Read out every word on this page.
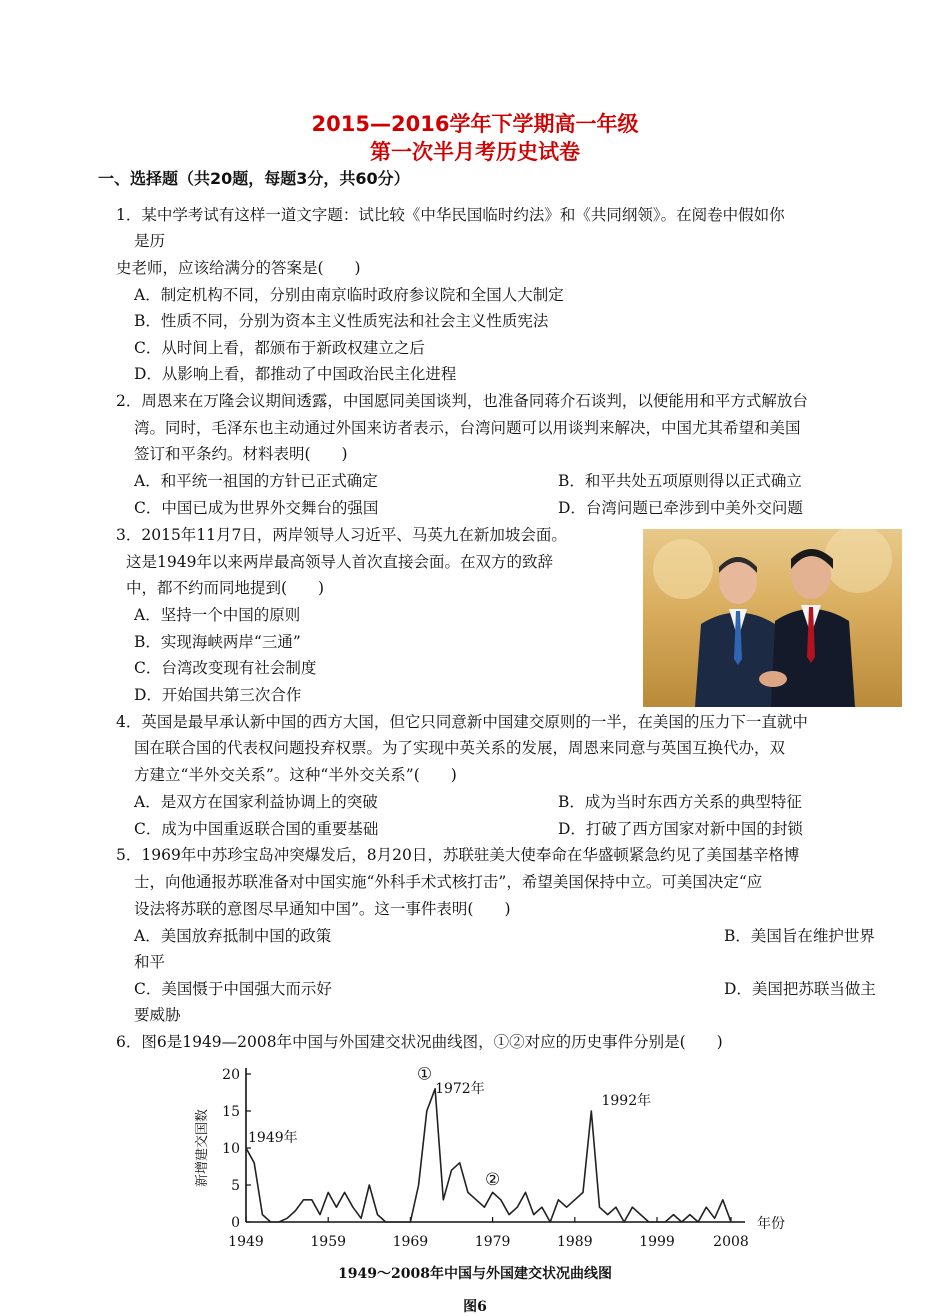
2015—2016学年下学期高一年级
第一次半月考历史试卷
一、选择题（共20题，每题3分，共60分）
1．某中学考试有这样一道文字题：试比较《中华民国临时约法》和《共同纲领》。在阅卷中假如你
是历
史老师，应该给满分的答案是(　　)
A．制定机构不同，分别由南京临时政府参议院和全国人大制定
B．性质不同，分别为资本主义性质宪法和社会主义性质宪法
C．从时间上看，都颁布于新政权建立之后
D．从影响上看，都推动了中国政治民主化进程
2．周恩来在万隆会议期间透露，中国愿同美国谈判，也准备同蒋介石谈判，以便能用和平方式解放台
湾。同时，毛泽东也主动通过外国来访者表示，台湾问题可以用谈判来解决，中国尤其希望和美国
签订和平条约。材料表明(　　)
A．和平统一祖国的方针已正式确定	B．和平共处五项原则得以正式确立
C．中国已成为世界外交舞台的强国	D．台湾问题已牵涉到中美外交问题
3．2015年11月7日，两岸领导人习近平、马英九在新加坡会面。
这是1949年以来两岸最高领导人首次直接会面。在双方的致辞
中，都不约而同地提到(　　)
A．坚持一个中国的原则
B．实现海峡两岸“三通”
C．台湾改变现有社会制度
D．开始国共第三次合作
4．英国是最早承认新中国的西方大国，但它只同意新中国建交原则的一半，在美国的压力下一直就中
国在联合国的代表权问题投弃权票。为了实现中英关系的发展，周恩来同意与英国互换代办，双
方建立“半外交关系”。这种“半外交关系”(　　)
A．是双方在国家利益协调上的突破	B．成为当时东西方关系的典型特征
C．成为中国重返联合国的重要基础	D．打破了西方国家对新中国的封锁
5．1969年中苏珍宝岛冲突爆发后，8月20日，苏联驻美大使奉命在华盛顿紧急约见了美国基辛格博
士，向他通报苏联准备对中国实施“外科手术式核打击”，希望美国保持中立。可美国决定“应
设法将苏联的意图尽早通知中国”。这一事件表明(　　)
A．美国放弃抵制中国的政策	B．美国旨在维护世界
和平
C．美国慑于中国强大而示好	D．美国把苏联当做主
要威胁
6．图6是1949—2008年中国与外国建交状况曲线图，①②对应的历史事件分别是(　　)
0
5
10
15
20
1949	1959	1969	1979	1989	1999	2008
年份
新增建交国数	1949年
1972年
1992年
①
②
1949～2008年中国与外国建交状况曲线图
图6
